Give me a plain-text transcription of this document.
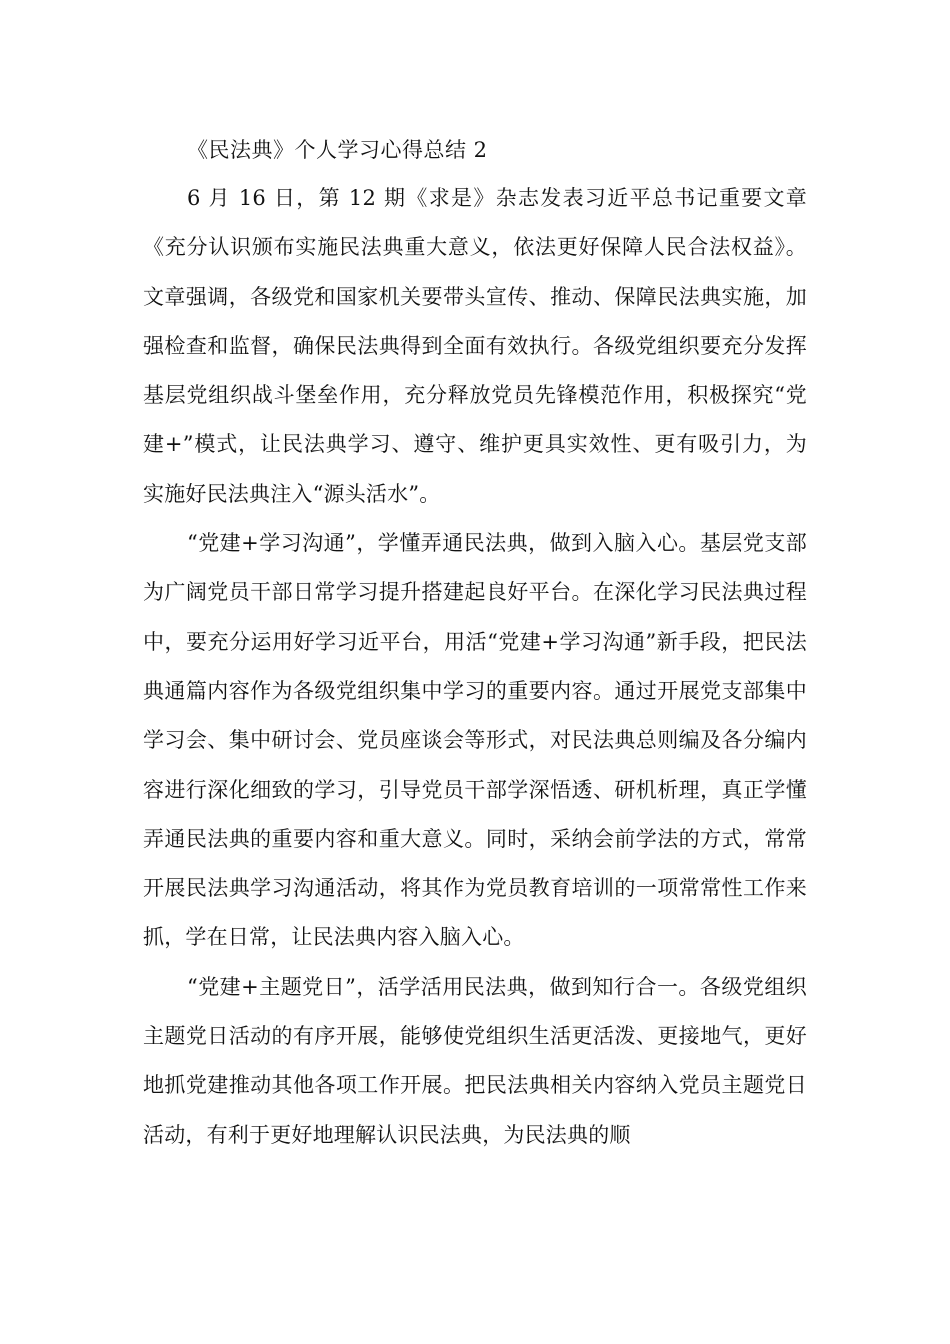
《民法典》个人学习心得总结 2

6 月 16 日，第 12 期《求是》杂志发表习近平总书记重要文章《充分认识颁布实施民法典重大意义，依法更好保障人民合法权益》。文章强调，各级党和国家机关要带头宣传、推动、保障民法典实施，加强检查和监督，确保民法典得到全面有效执行。各级党组织要充分发挥基层党组织战斗堡垒作用，充分释放党员先锋模范作用，积极探究“党建+”模式，让民法典学习、遵守、维护更具实效性、更有吸引力，为实施好民法典注入“源头活水”。

“党建+学习沟通”，学懂弄通民法典，做到入脑入心。基层党支部为广阔党员干部日常学习提升搭建起良好平台。在深化学习民法典过程中，要充分运用好学习近平台，用活“党建+学习沟通”新手段，把民法典通篇内容作为各级党组织集中学习的重要内容。通过开展党支部集中学习会、集中研讨会、党员座谈会等形式，对民法典总则编及各分编内容进行深化细致的学习，引导党员干部学深悟透、研机析理，真正学懂弄通民法典的重要内容和重大意义。同时，采纳会前学法的方式，常常开展民法典学习沟通活动，将其作为党员教育培训的一项常常性工作来抓，学在日常，让民法典内容入脑入心。

“党建+主题党日”，活学活用民法典，做到知行合一。各级党组织主题党日活动的有序开展，能够使党组织生活更活泼、更接地气，更好地抓党建推动其他各项工作开展。把民法典相关内容纳入党员主题党日活动，有利于更好地理解认识民法典，为民法典的顺
